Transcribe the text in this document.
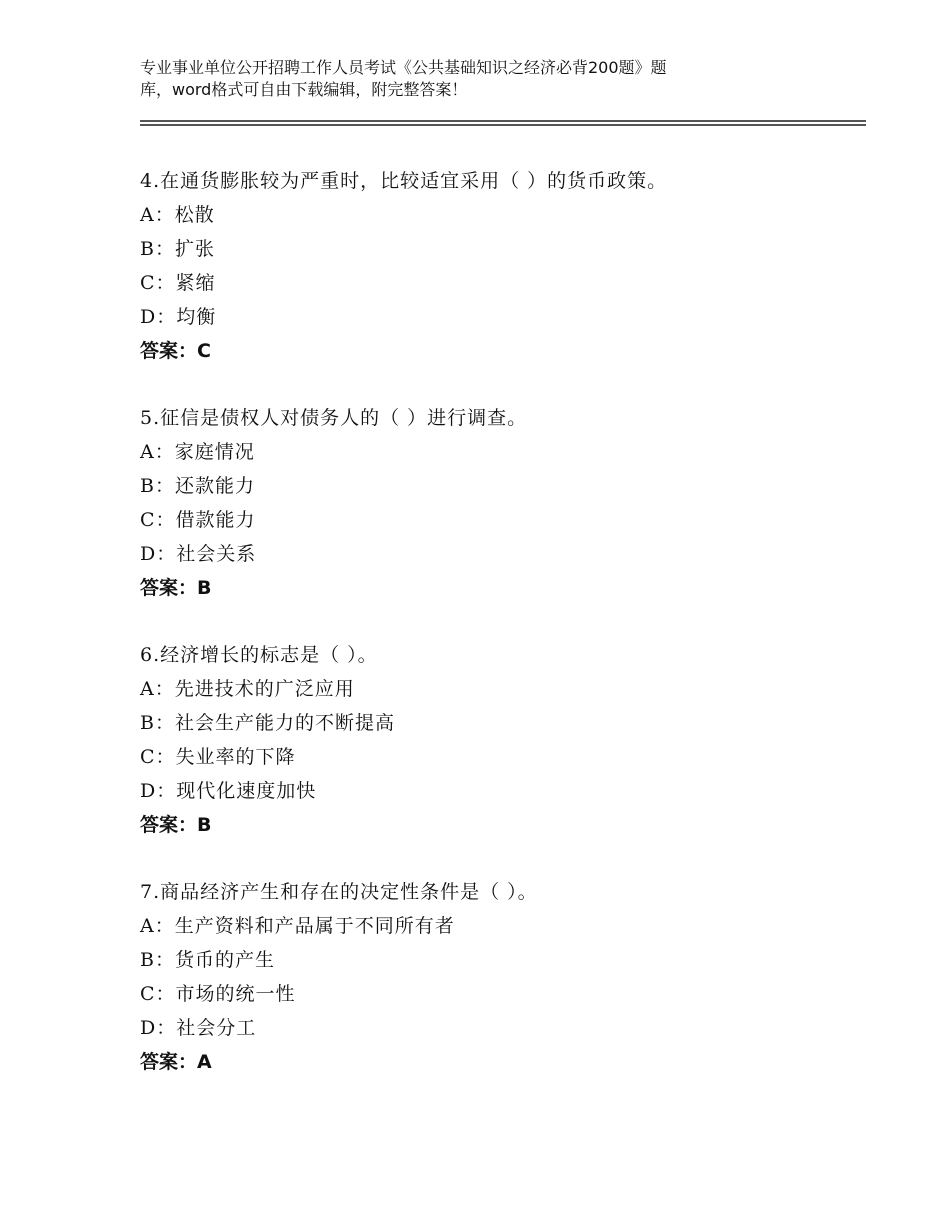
专业事业单位公开招聘工作人员考试《公共基础知识之经济必背200题》题
库，word格式可自由下载编辑，附完整答案！
4.在通货膨胀较为严重时，比较适宜采用（ ）的货币政策。
A：松散
B：扩张
C：紧缩
D：均衡
答案：C
5.征信是债权人对债务人的（ ）进行调查。
A：家庭情况
B：还款能力
C：借款能力
D：社会关系
答案：B
6.经济增长的标志是（ ）。
A：先进技术的广泛应用
B：社会生产能力的不断提高
C：失业率的下降
D：现代化速度加快
答案：B
7.商品经济产生和存在的决定性条件是（ ）。
A：生产资料和产品属于不同所有者
B：货币的产生
C：市场的统一性
D：社会分工
答案：A
